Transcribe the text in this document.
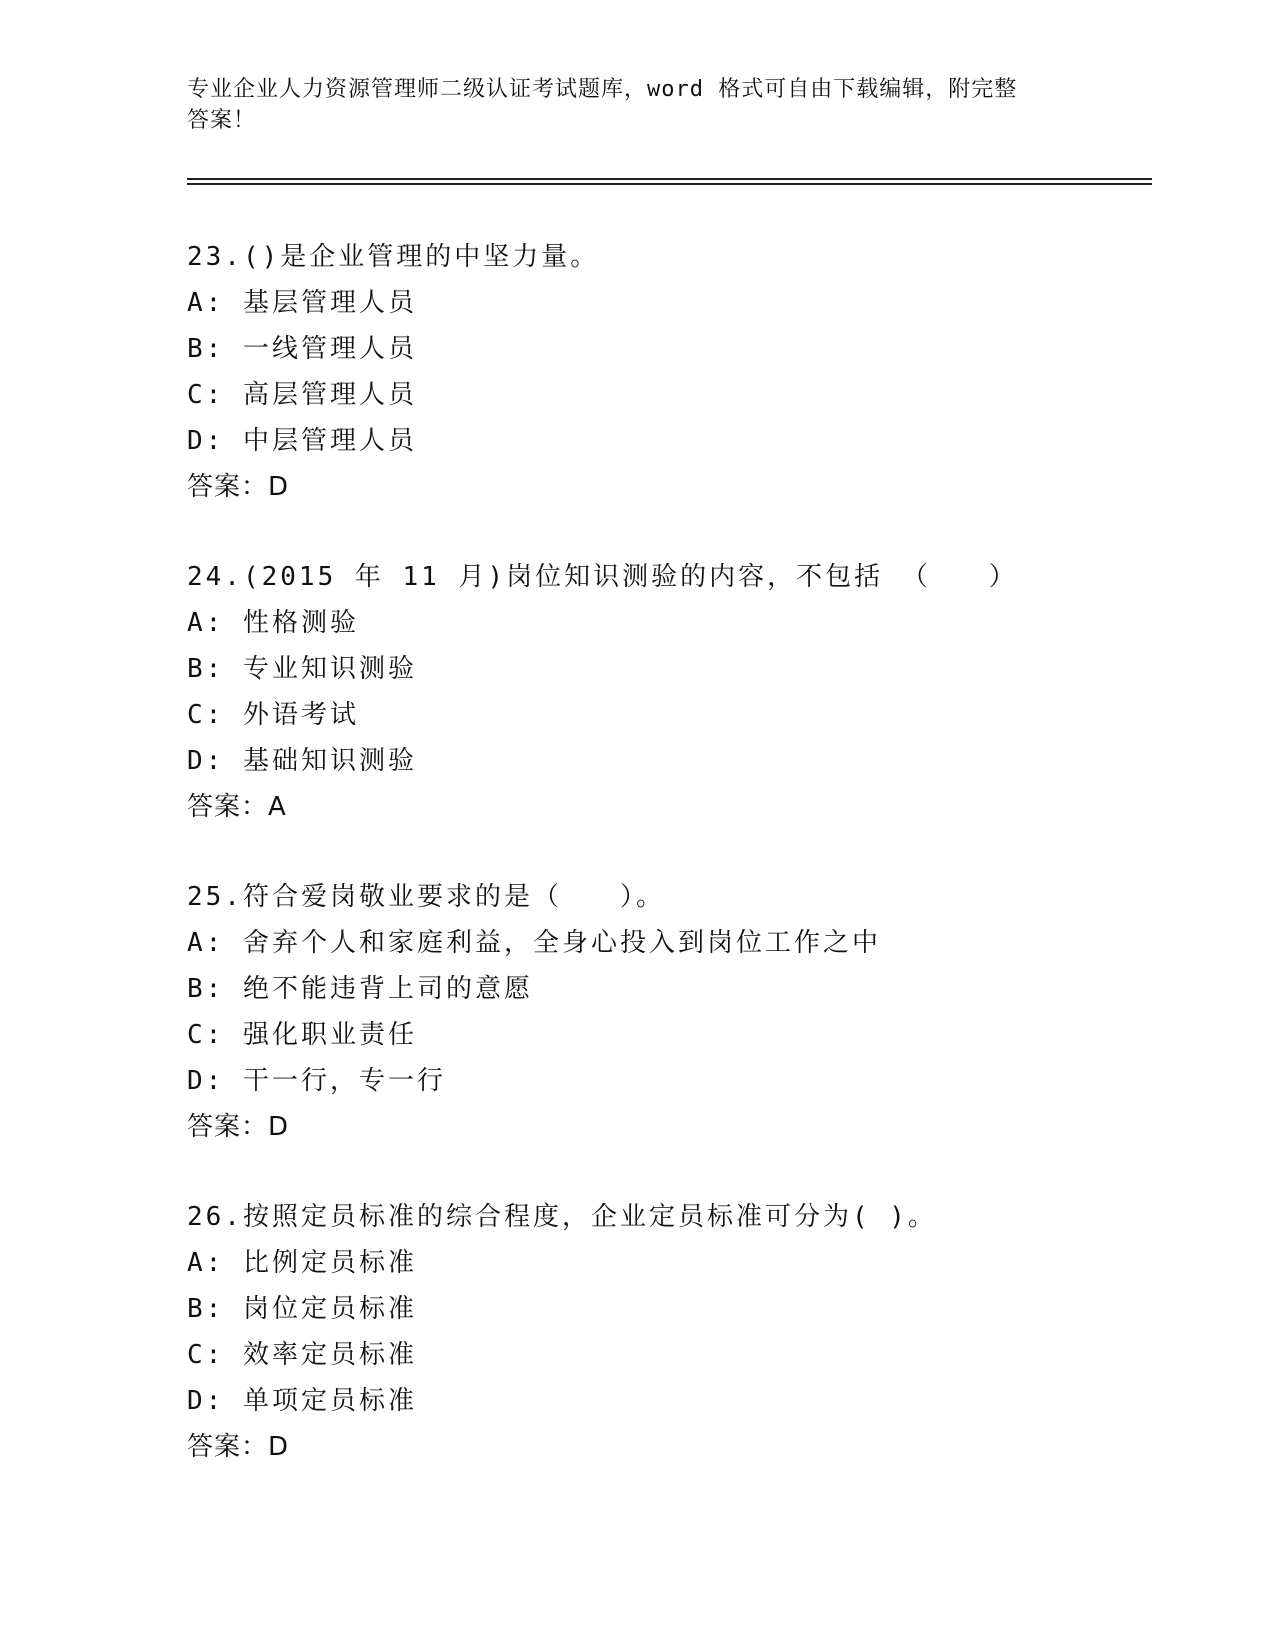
专业企业人力资源管理师二级认证考试题库，word 格式可自由下载编辑，附完整
答案！
23.()是企业管理的中坚力量。
A: 基层管理人员
B: 一线管理人员
C: 高层管理人员
D: 中层管理人员
答案：D
24.(2015 年 11 月)岗位知识测验的内容，不包括 （　　）
A: 性格测验
B: 专业知识测验
C: 外语考试
D: 基础知识测验
答案：A
25.符合爱岗敬业要求的是（　　）。
A: 舍弃个人和家庭利益，全身心投入到岗位工作之中
B: 绝不能违背上司的意愿
C: 强化职业责任
D: 干一行，专一行
答案：D
26.按照定员标准的综合程度，企业定员标准可分为( )。
A: 比例定员标准
B: 岗位定员标准
C: 效率定员标准
D: 单项定员标准
答案：D
